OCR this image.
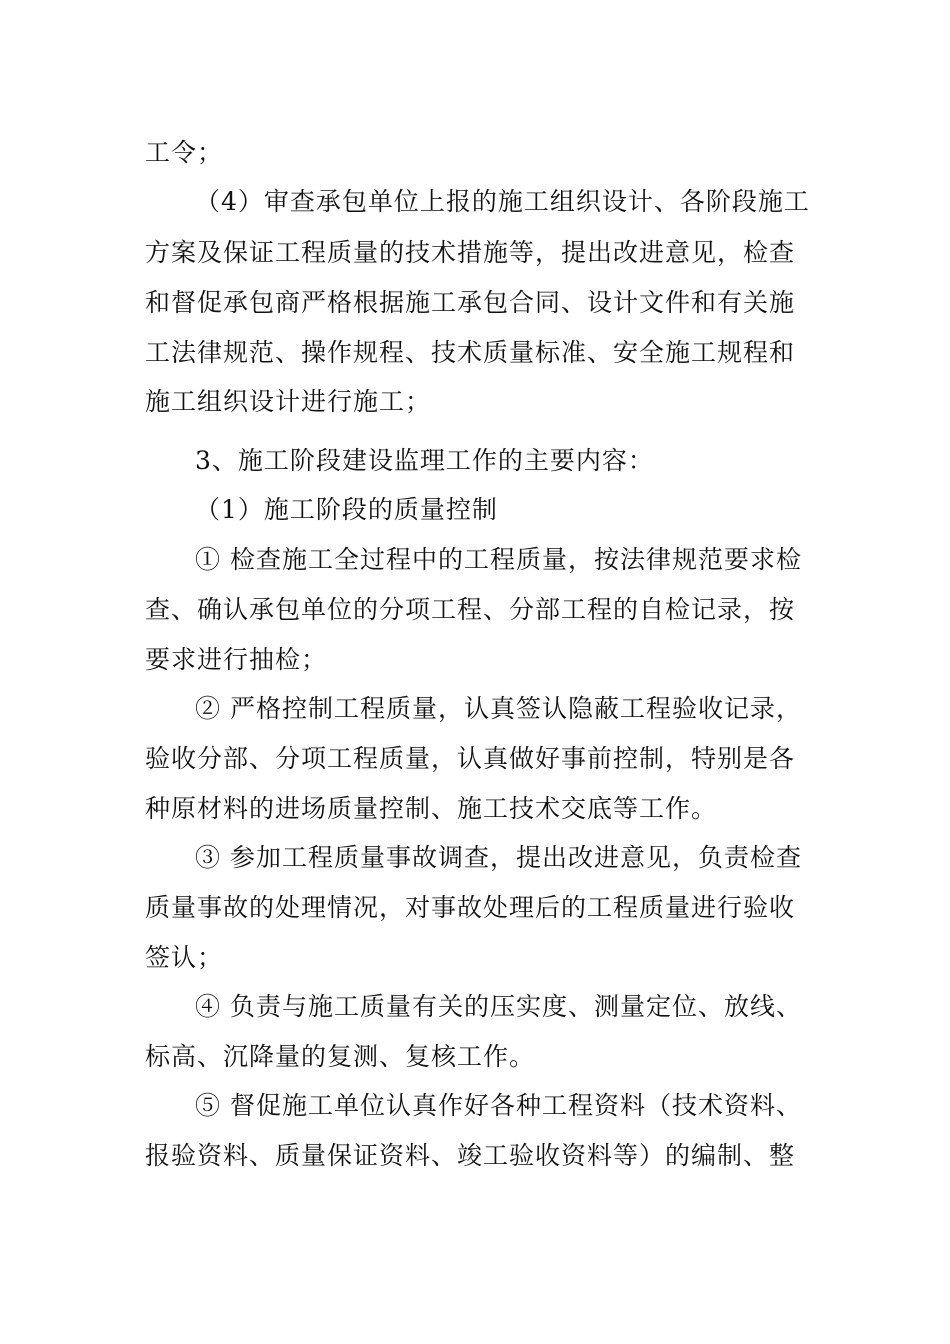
工令；
（4）审查承包单位上报的施工组织设计、各阶段施工
方案及保证工程质量的技术措施等，提出改进意见，检查
和督促承包商严格根据施工承包合同、设计文件和有关施
工法律规范、操作规程、技术质量标准、安全施工规程和
施工组织设计进行施工；
3、施工阶段建设监理工作的主要内容：
（1）施工阶段的质量控制
① 检查施工全过程中的工程质量，按法律规范要求检
查、确认承包单位的分项工程、分部工程的自检记录，按
要求进行抽检；
② 严格控制工程质量，认真签认隐蔽工程验收记录，
验收分部、分项工程质量，认真做好事前控制，特别是各
种原材料的进场质量控制、施工技术交底等工作。
③ 参加工程质量事故调查，提出改进意见，负责检查
质量事故的处理情况，对事故处理后的工程质量进行验收
签认；
④ 负责与施工质量有关的压实度、测量定位、放线、
标高、沉降量的复测、复核工作。
⑤ 督促施工单位认真作好各种工程资料（技术资料、
报验资料、质量保证资料、竣工验收资料等）的编制、整
